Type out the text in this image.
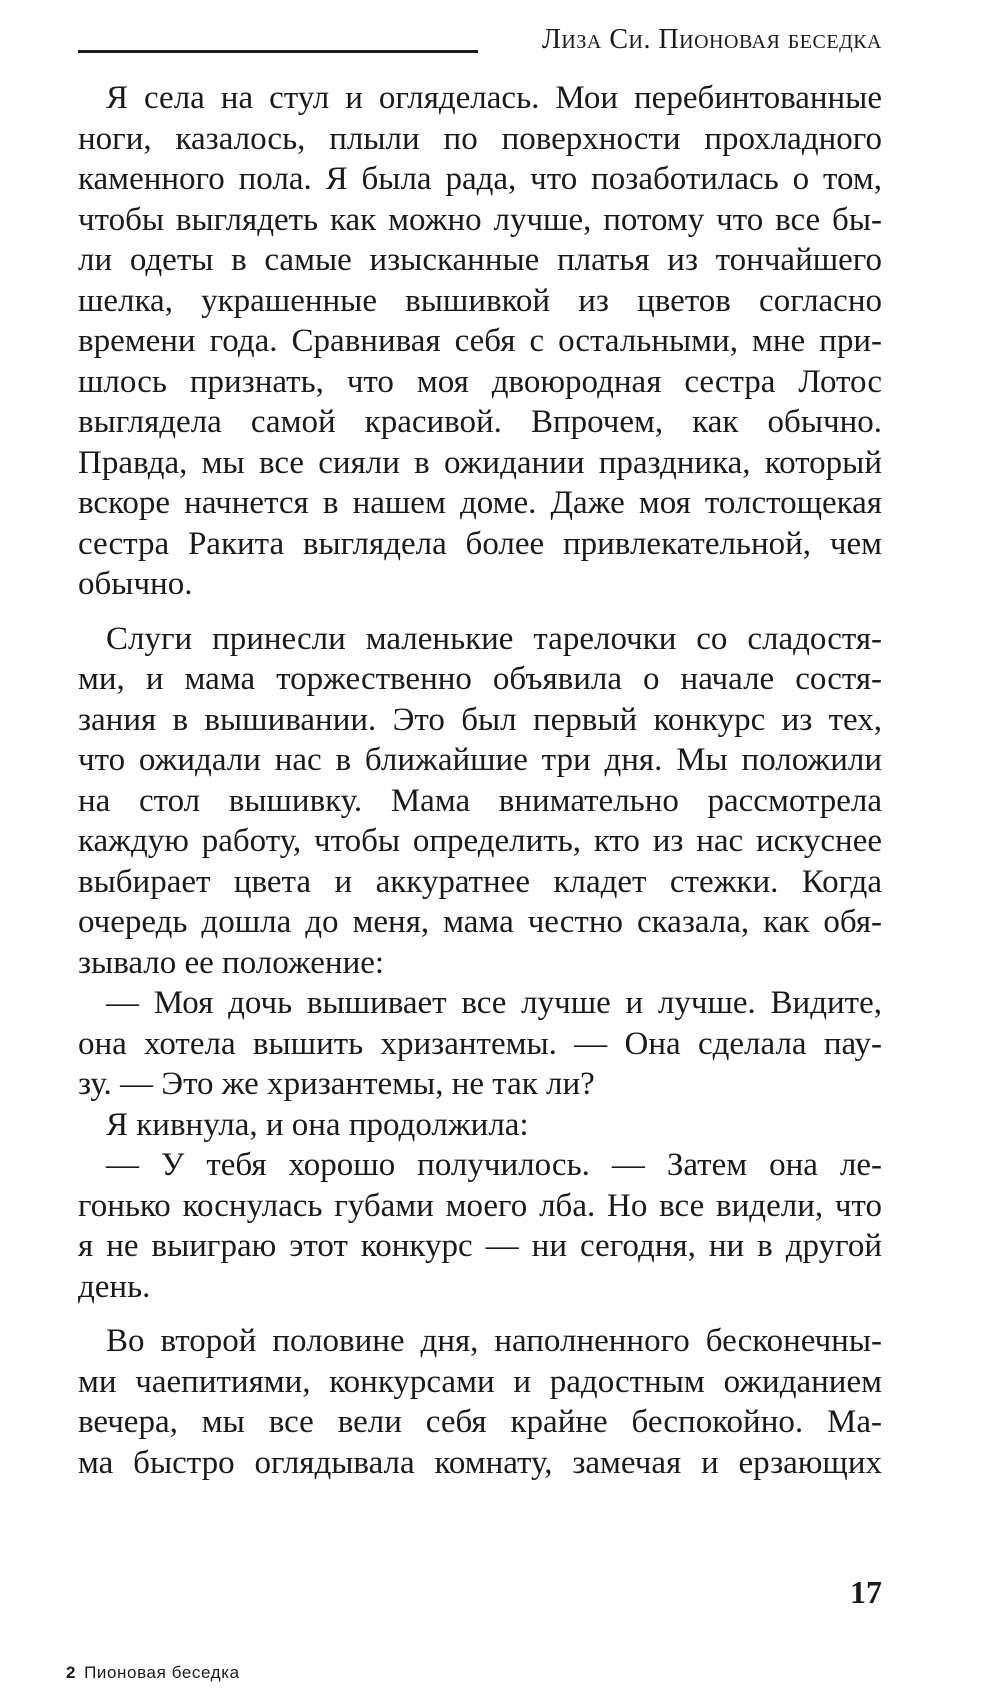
Лиза Си. Пионовая беседка
Я села на стул и огляделась. Мои перебинтованные
ноги, казалось, плыли по поверхности прохладного
каменного пола. Я была рада, что позаботилась о том,
чтобы выглядеть как можно лучше, потому что все бы-
ли одеты в самые изысканные платья из тончайшего
шелка, украшенные вышивкой из цветов согласно
времени года. Сравнивая себя с остальными, мне при-
шлось признать, что моя двоюродная сестра Лотос
выглядела самой красивой. Впрочем, как обычно.
Правда, мы все сияли в ожидании праздника, который
вскоре начнется в нашем доме. Даже моя толстощекая
сестра Ракита выглядела более привлекательной, чем
обычно.
Слуги принесли маленькие тарелочки со сладостя-
ми, и мама торжественно объявила о начале состя-
зания в вышивании. Это был первый конкурс из тех,
что ожидали нас в ближайшие три дня. Мы положили
на стол вышивку. Мама внимательно рассмотрела
каждую работу, чтобы определить, кто из нас искуснее
выбирает цвета и аккуратнее кладет стежки. Когда
очередь дошла до меня, мама честно сказала, как обя-
зывало ее положение:
— Моя дочь вышивает все лучше и лучше. Видите,
она хотела вышить хризантемы. — Она сделала пау-
зу. — Это же хризантемы, не так ли?
Я кивнула, и она продолжила:
— У тебя хорошо получилось. — Затем она ле-
гонько коснулась губами моего лба. Но все видели, что
я не выиграю этот конкурс — ни сегодня, ни в другой
день.
Во второй половине дня, наполненного бесконечны-
ми чаепитиями, конкурсами и радостным ожиданием
вечера, мы все вели себя крайне беспокойно. Ма-
ма быстро оглядывала комнату, замечая и ерзающих
17
2 Пионовая беседка
